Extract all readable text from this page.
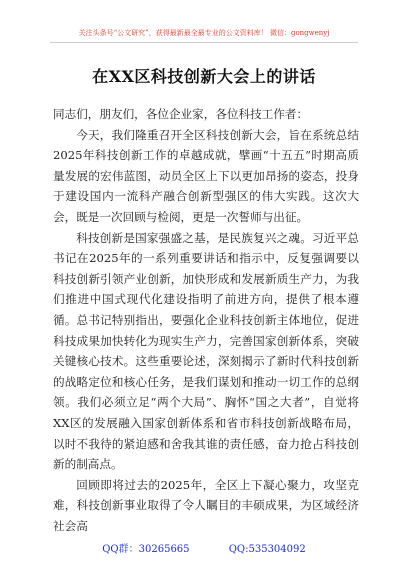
关注头条号“公文研究”，获得最新最全最专业的公文资料库！ 微信：gongwenyj
在XX区科技创新大会上的讲话

同志们，朋友们，各位企业家，各位科技工作者：

今天，我们隆重召开全区科技创新大会，旨在系统总结2025年科技创新工作的卓越成就，擘画“十五五”时期高质量发展的宏伟蓝图，动员全区上下以更加昂扬的姿态，投身于建设国内一流科产融合创新型强区的伟大实践。这次大会，既是一次回顾与检阅，更是一次誓师与出征。

科技创新是国家强盛之基，是民族复兴之魂。习近平总书记在2025年的一系列重要讲话和指示中，反复强调要以科技创新引领产业创新，加快形成和发展新质生产力，为我们推进中国式现代化建设指明了前进方向，提供了根本遵循。总书记特别指出，要强化企业科技创新主体地位，促进科技成果加快转化为现实生产力，完善国家创新体系，突破关键核心技术。这些重要论述，深刻揭示了新时代科技创新的战略定位和核心任务，是我们谋划和推动一切工作的总纲领。我们必须立足“两个大局”、胸怀“国之大者”，自觉将XX区的发展融入国家创新体系和省市科技创新战略布局，以时不我待的紧迫感和舍我其谁的责任感，奋力抢占科技创新的制高点。

回顾即将过去的2025年，全区上下凝心聚力，攻坚克难，科技创新事业取得了令人瞩目的丰硕成果，为区域经济社会高

QQ群：30265665	QQ:535304092
